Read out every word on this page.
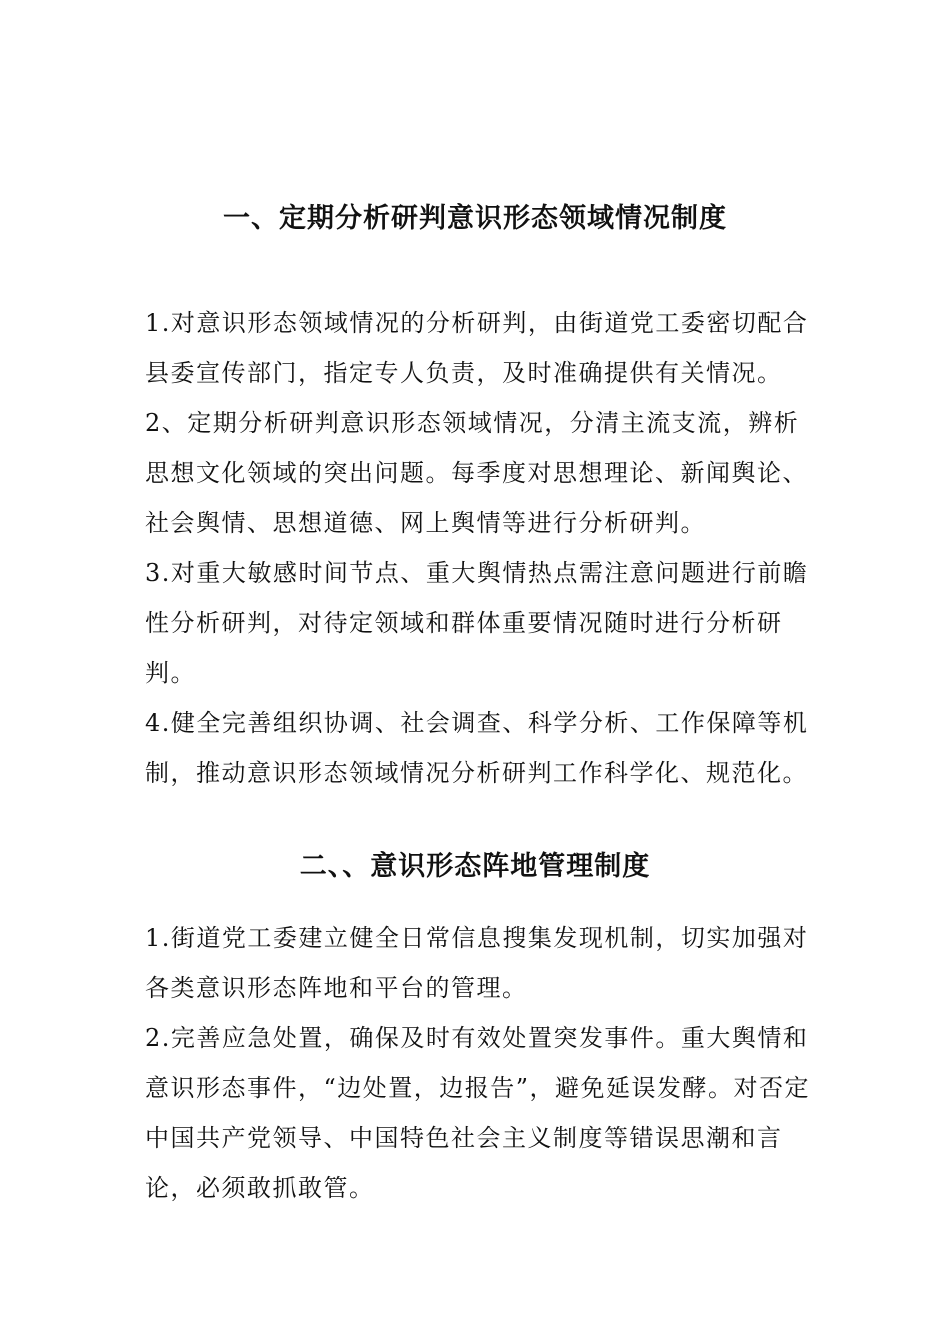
一、定期分析研判意识形态领域情况制度

1.对意识形态领域情况的分析研判，由街道党工委密切配合

县委宣传部门，指定专人负责，及时准确提供有关情况。

2、定期分析研判意识形态领域情况，分清主流支流，辨析

思想文化领域的突出问题。每季度对思想理论、新闻舆论、

社会舆情、思想道德、网上舆情等进行分析研判。

3.对重大敏感时间节点、重大舆情热点需注意问题进行前瞻

性分析研判，对待定领域和群体重要情况随时进行分析研

判。

4.健全完善组织协调、社会调查、科学分析、工作保障等机

制，推动意识形态领域情况分析研判工作科学化、规范化。

二、、意识形态阵地管理制度

1.街道党工委建立健全日常信息搜集发现机制，切实加强对

各类意识形态阵地和平台的管理。

2.完善应急处置，确保及时有效处置突发事件。重大舆情和

意识形态事件，“边处置，边报告”，避免延误发酵。对否定

中国共产党领导、中国特色社会主义制度等错误思潮和言

论，必须敢抓敢管。
